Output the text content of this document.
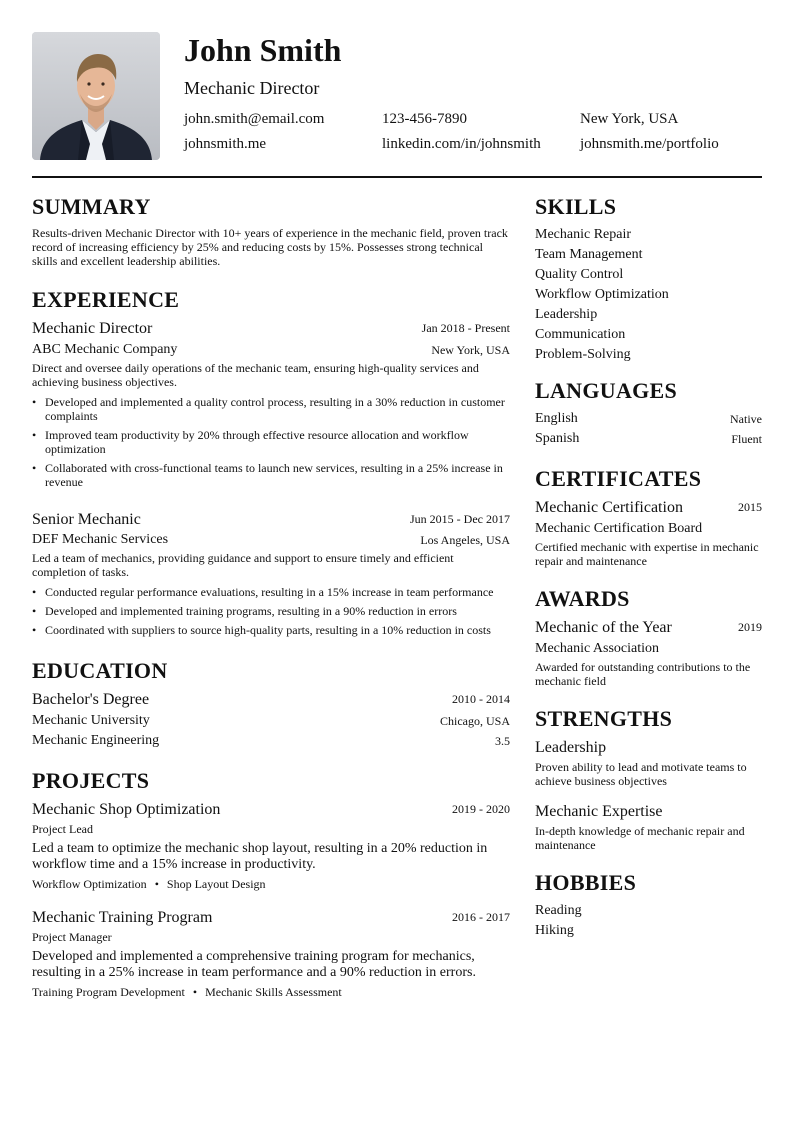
John Smith
Mechanic Director
john.smith@email.com	123-456-7890	New York, USA
johnsmith.me	linkedin.com/in/johnsmith	johnsmith.me/portfolio
SUMMARY
Results-driven Mechanic Director with 10+ years of experience in the mechanic field, proven track record of increasing efficiency by 25% and reducing costs by 15%. Possesses strong technical skills and excellent leadership abilities.
EXPERIENCE
Mechanic Director	Jan 2018 - Present
ABC Mechanic Company	New York, USA
Direct and oversee daily operations of the mechanic team, ensuring high-quality services and achieving business objectives.
• Developed and implemented a quality control process, resulting in a 30% reduction in customer complaints
• Improved team productivity by 20% through effective resource allocation and workflow optimization
• Collaborated with cross-functional teams to launch new services, resulting in a 25% increase in revenue
Senior Mechanic	Jun 2015 - Dec 2017
DEF Mechanic Services	Los Angeles, USA
Led a team of mechanics, providing guidance and support to ensure timely and efficient completion of tasks.
• Conducted regular performance evaluations, resulting in a 15% increase in team performance
• Developed and implemented training programs, resulting in a 90% reduction in errors
• Coordinated with suppliers to source high-quality parts, resulting in a 10% reduction in costs
EDUCATION
Bachelor's Degree	2010 - 2014
Mechanic University	Chicago, USA
Mechanic Engineering	3.5
PROJECTS
Mechanic Shop Optimization	2019 - 2020
Project Lead
Led a team to optimize the mechanic shop layout, resulting in a 20% reduction in workflow time and a 15% increase in productivity.
Workflow Optimization • Shop Layout Design
Mechanic Training Program	2016 - 2017
Project Manager
Developed and implemented a comprehensive training program for mechanics, resulting in a 25% increase in team performance and a 90% reduction in errors.
Training Program Development • Mechanic Skills Assessment
SKILLS
Mechanic Repair
Team Management
Quality Control
Workflow Optimization
Leadership
Communication
Problem-Solving
LANGUAGES
English	Native
Spanish	Fluent
CERTIFICATES
Mechanic Certification	2015
Mechanic Certification Board
Certified mechanic with expertise in mechanic repair and maintenance
AWARDS
Mechanic of the Year	2019
Mechanic Association
Awarded for outstanding contributions to the mechanic field
STRENGTHS
Leadership
Proven ability to lead and motivate teams to achieve business objectives
Mechanic Expertise
In-depth knowledge of mechanic repair and maintenance
HOBBIES
Reading
Hiking
